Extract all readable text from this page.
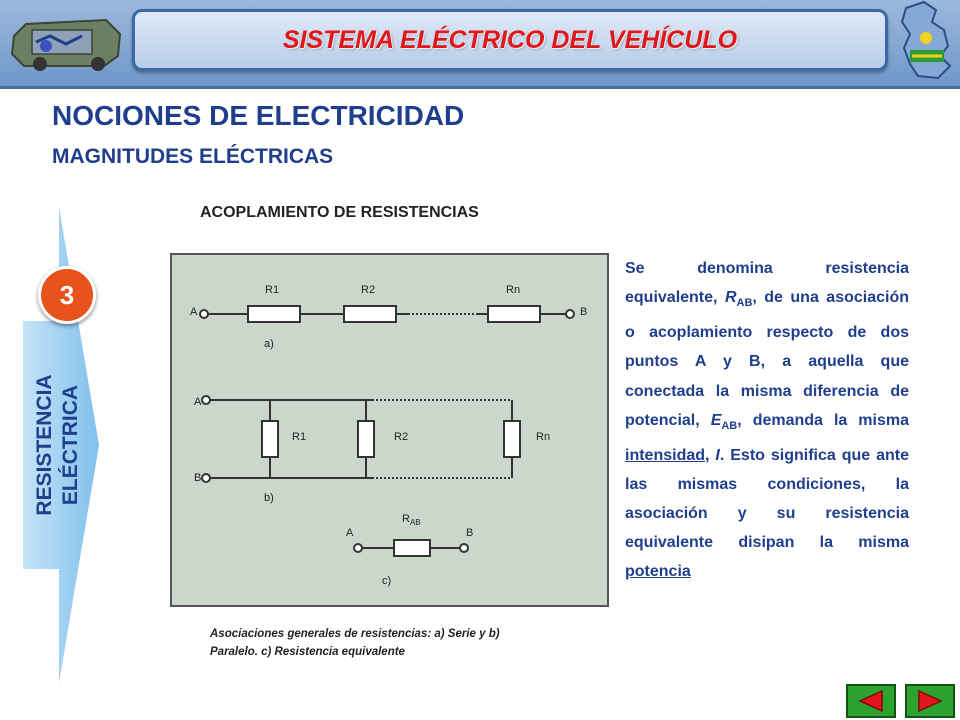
SISTEMA ELÉCTRICO DEL VEHÍCULO
NOCIONES DE ELECTRICIDAD
MAGNITUDES ELÉCTRICAS
3
RESISTENCIA ELÉCTRICA
ACOPLAMIENTO DE RESISTENCIAS
A	B
R1	R2	Rn
a)
A
B
R1	R2	Rn
b)
A	B
$R_{AB}$
c)
Asociaciones generales de resistencias: a) Serie y b) Paralelo. c) Resistencia equivalente
Se denomina resistencia equivalente, $R_{AB}$, de una asociación o acoplamiento respecto de dos puntos A y B, a aquella que conectada la misma diferencia de potencial, $E_{AB}$, demanda la misma intensidad, I. Esto significa que ante las mismas condiciones, la asociación y su resistencia equivalente disipan la misma potencia
